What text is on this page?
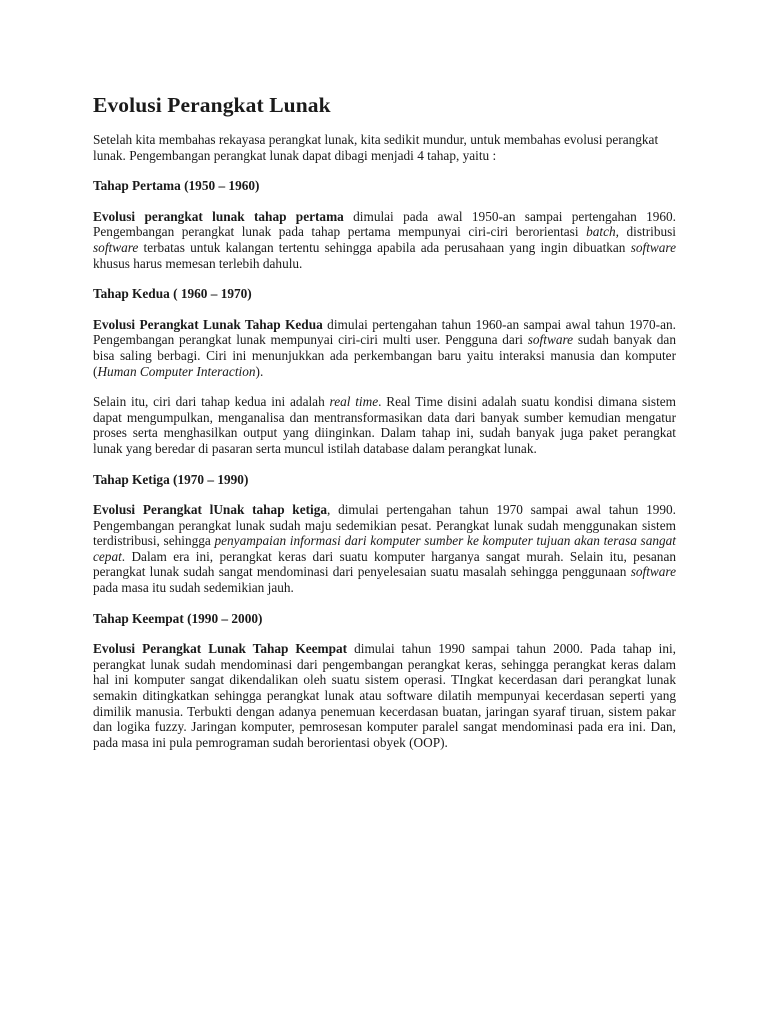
Evolusi Perangkat Lunak

Setelah kita membahas rekayasa perangkat lunak, kita sedikit mundur, untuk membahas evolusi perangkat lunak. Pengembangan perangkat lunak dapat dibagi menjadi 4 tahap, yaitu :

Tahap Pertama (1950 – 1960)

Evolusi perangkat lunak tahap pertama dimulai pada awal 1950-an sampai pertengahan 1960. Pengembangan perangkat lunak pada tahap pertama mempunyai ciri-ciri berorientasi batch, distribusi software terbatas untuk kalangan tertentu sehingga apabila ada perusahaan yang ingin dibuatkan software khusus harus memesan terlebih dahulu.

Tahap Kedua ( 1960 – 1970)

Evolusi Perangkat Lunak Tahap Kedua dimulai pertengahan tahun 1960-an sampai awal tahun 1970-an. Pengembangan perangkat lunak mempunyai ciri-ciri multi user. Pengguna dari software sudah banyak dan bisa saling berbagi. Ciri ini menunjukkan ada perkembangan baru yaitu interaksi manusia dan komputer (Human Computer Interaction).

Selain itu, ciri dari tahap kedua ini adalah real time. Real Time disini adalah suatu kondisi dimana sistem dapat mengumpulkan, menganalisa dan mentransformasikan data dari banyak sumber kemudian mengatur proses serta menghasilkan output yang diinginkan. Dalam tahap ini, sudah banyak juga paket perangkat lunak yang beredar di pasaran serta muncul istilah database dalam perangkat lunak.

Tahap Ketiga (1970 – 1990)

Evolusi Perangkat lUnak tahap ketiga, dimulai pertengahan tahun 1970 sampai awal tahun 1990. Pengembangan perangkat lunak sudah maju sedemikian pesat. Perangkat lunak sudah menggunakan sistem terdistribusi, sehingga penyampaian informasi dari komputer sumber ke komputer tujuan akan terasa sangat cepat. Dalam era ini, perangkat keras dari suatu komputer harganya sangat murah. Selain itu, pesanan perangkat lunak sudah sangat mendominasi dari penyelesaian suatu masalah sehingga penggunaan software pada masa itu sudah sedemikian jauh.

Tahap Keempat (1990 – 2000)

Evolusi Perangkat Lunak Tahap Keempat dimulai tahun 1990 sampai tahun 2000. Pada tahap ini, perangkat lunak sudah mendominasi dari pengembangan perangkat keras, sehingga perangkat keras dalam hal ini komputer sangat dikendalikan oleh suatu sistem operasi. TIngkat kecerdasan dari perangkat lunak semakin ditingkatkan sehingga perangkat lunak atau software dilatih mempunyai kecerdasan seperti yang dimilik manusia. Terbukti dengan adanya penemuan kecerdasan buatan, jaringan syaraf tiruan, sistem pakar dan logika fuzzy. Jaringan komputer, pemrosesan komputer paralel sangat mendominasi pada era ini. Dan, pada masa ini pula pemrograman sudah berorientasi obyek (OOP).
